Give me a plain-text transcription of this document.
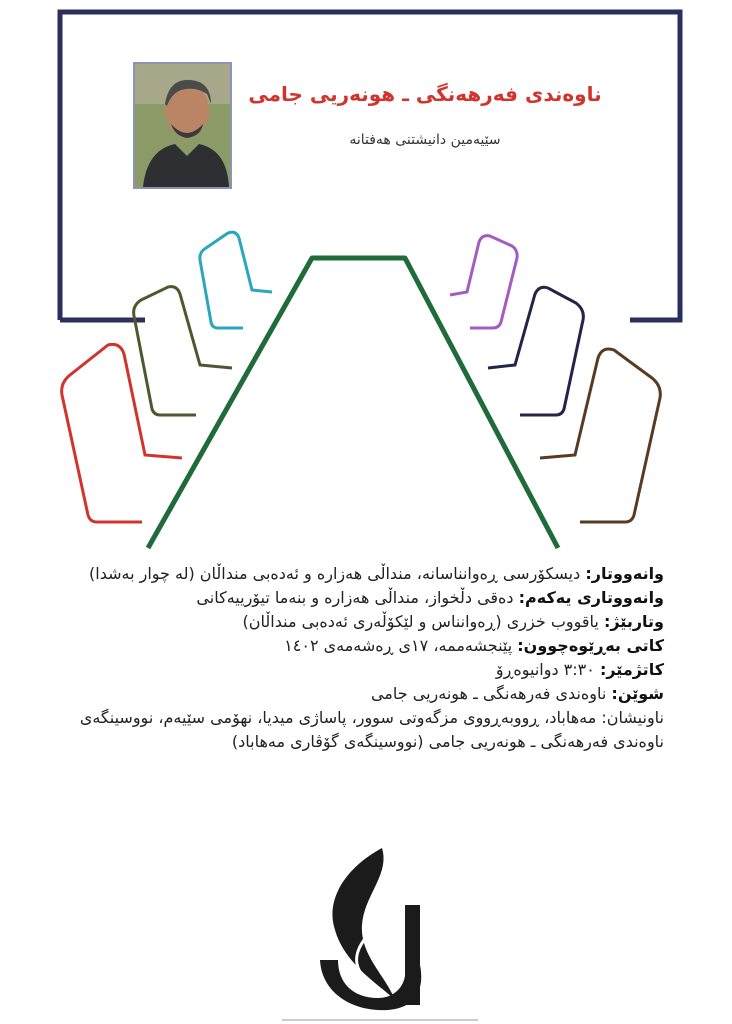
ناوەندی فەرهەنگی ـ هونەریی جامی
سێیەمین دانیشتنی هەفتانە

وانەووتار: دیسکۆرسی ڕەوانناسانە، منداڵی هەزارە و ئەدەبی منداڵان (لە چوار بەشدا)

وانەووتاری یەکەم: دەقی دڵخواز، منداڵی هەزارە و بنەما تیۆرییەکانی

وتاربێژ: یاقووب خزری (ڕەوانناس و لێکۆڵەری ئەدەبی منداڵان)

کاتی بەڕێوەچوون: پێنجشەممە، ١٧ی ڕەشەمەی ١٤٠٢

کاتژمێر: ٣:٣٠ دوانیوەڕۆ

شوێن: ناوەندی فەرهەنگی ـ هونەریی جامی

ناونیشان: مەهاباد، ڕووبەڕووی مزگەوتی سوور، پاساژی میدیا، نهۆمی سێیەم، نووسینگەی ناوەندی فەرهەنگی ـ هونەریی جامی (نووسینگەی گۆڤاری مەهاباد)
